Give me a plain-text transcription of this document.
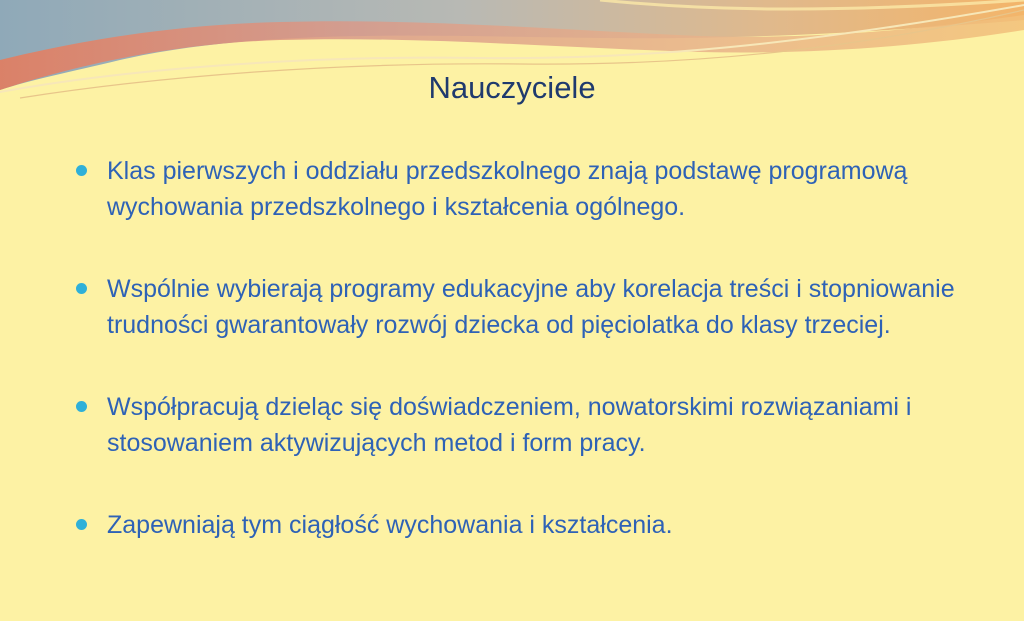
Nauczyciele
Klas pierwszych i oddziału przedszkolnego znają podstawę programową wychowania przedszkolnego i kształcenia ogólnego.
Wspólnie wybierają programy edukacyjne aby korelacja treści i stopniowanie trudności gwarantowały rozwój dziecka od pięciolatka do klasy trzeciej.
Współpracują dzieląc się doświadczeniem, nowatorskimi rozwiązaniami i stosowaniem aktywizujących metod i form pracy.
Zapewniają tym ciągłość wychowania i kształcenia.
